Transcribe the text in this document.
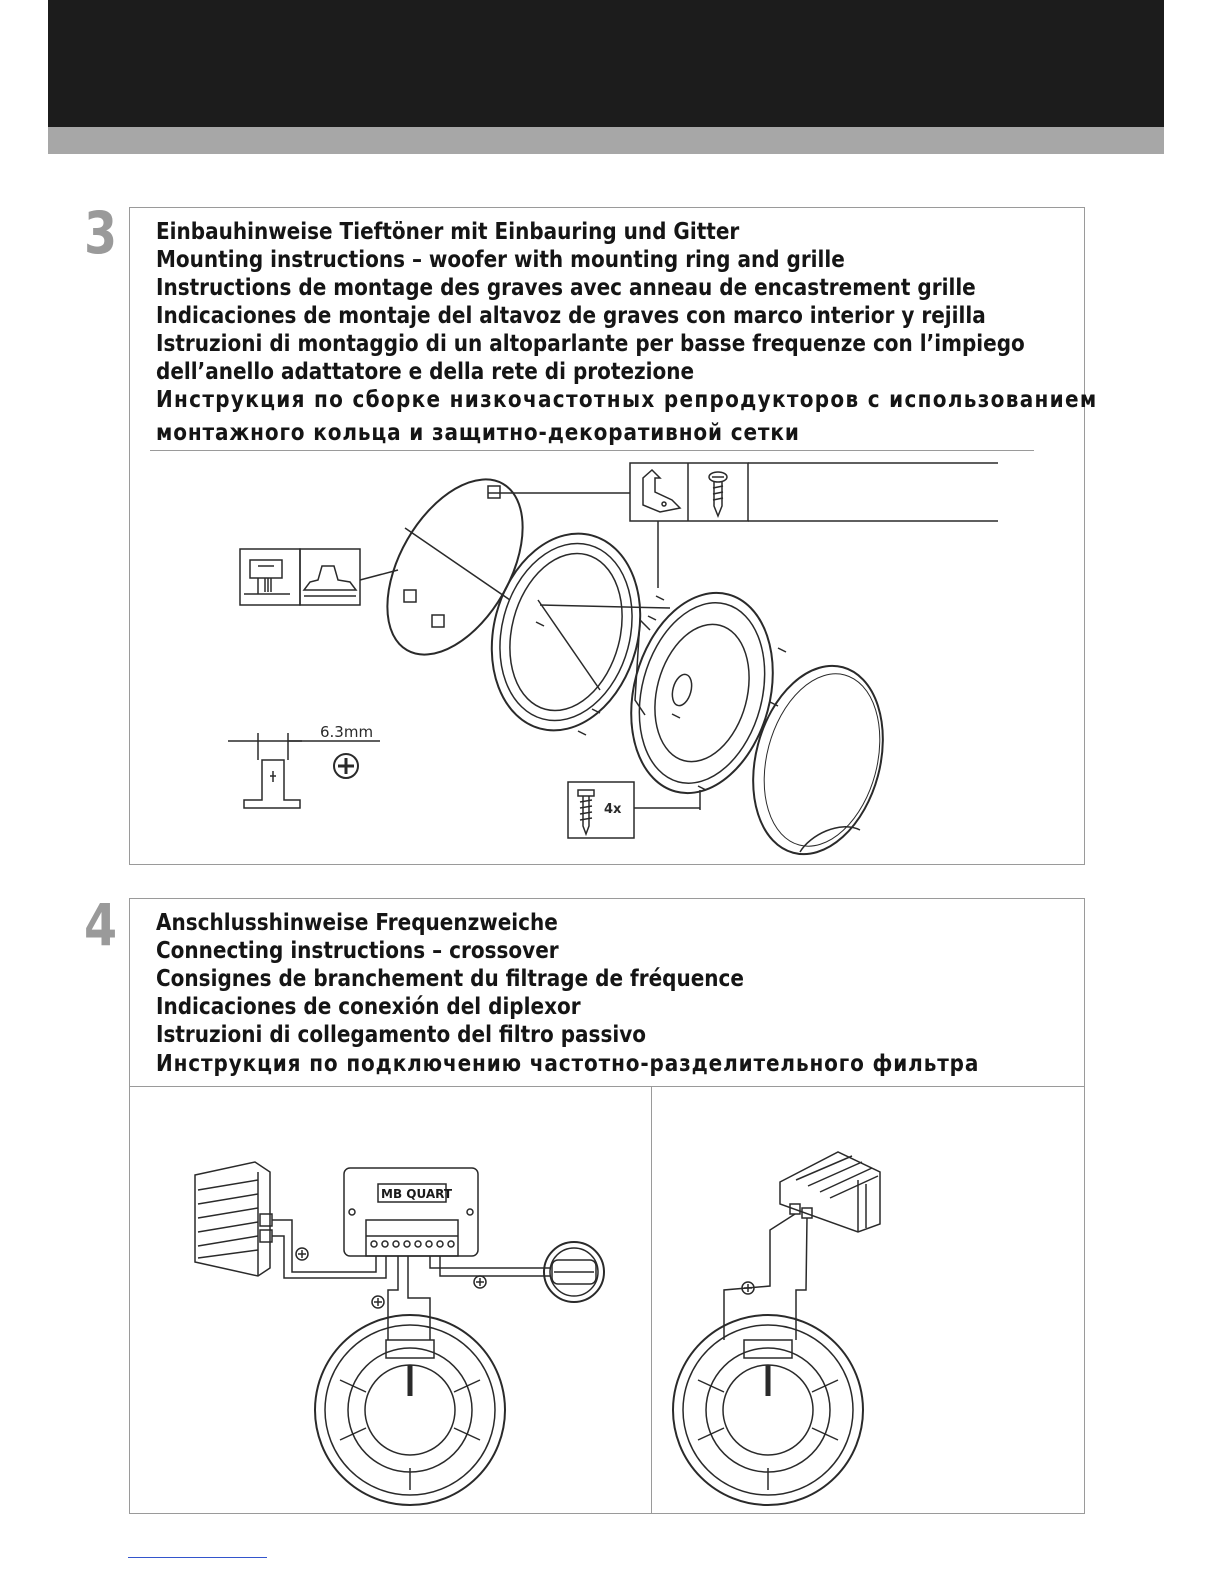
3 Einbauhinweise Tieftöner mit Einbauring und Gitter
Mounting instructions – woofer with mounting ring and grille
Instructions de montage des graves avec anneau de encastrement grille
Indicaciones de montaje del altavoz de graves con marco interior y rejilla
Istruzioni di montaggio di un altoparlante per basse frequenze con l’impiego
dell’anello adattatore e della rete di protezione
Инструкция по сборке низкочастотных репродукторов с использованием
монтажного кольца и защитно-декоративной сетки
6.3mm
4x
4 Anschlusshinweise Frequenzweiche
Connecting instructions – crossover
Consignes de branchement du filtrage de fréquence
Indicaciones de conexión del diplexor
Istruzioni di collegamento del filtro passivo
Инструкция по подключению частотно-разделительного фильтра
MB QUART
